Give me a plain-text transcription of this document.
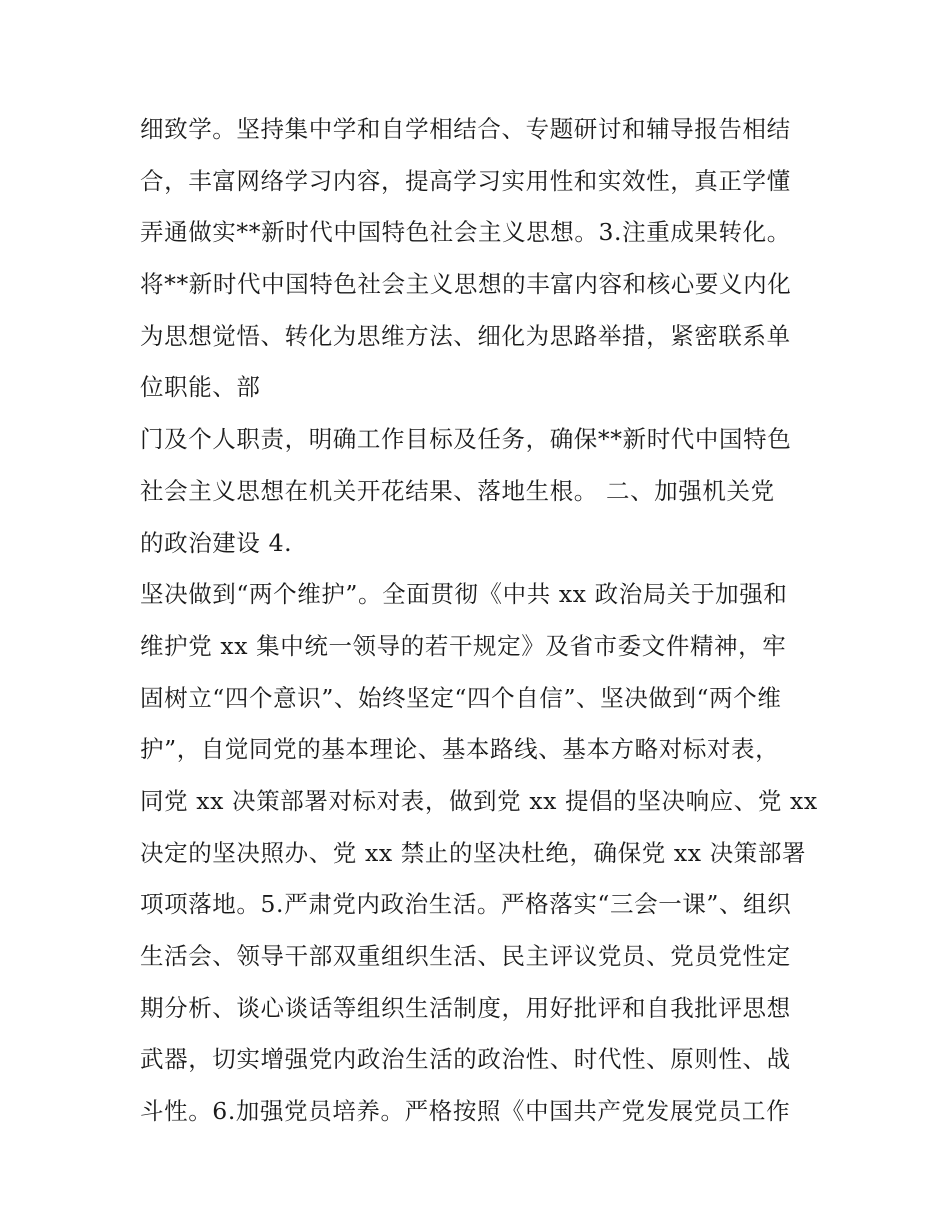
细致学。坚持集中学和自学相结合、专题研讨和辅导报告相结
合，丰富网络学习内容，提高学习实用性和实效性，真正学懂
弄通做实**新时代中国特色社会主义思想。3.注重成果转化。
将**新时代中国特色社会主义思想的丰富内容和核心要义内化
为思想觉悟、转化为思维方法、细化为思路举措，紧密联系单
位职能、部
门及个人职责，明确工作目标及任务，确保**新时代中国特色
社会主义思想在机关开花结果、落地生根。 二、加强机关党
的政治建设 4.
坚决做到“两个维护”。全面贯彻《中共 xx 政治局关于加强和
维护党 xx 集中统一领导的若干规定》及省市委文件精神，牢
固树立“四个意识”、始终坚定“四个自信”、坚决做到“两个维
护”，自觉同党的基本理论、基本路线、基本方略对标对表，
同党 xx 决策部署对标对表，做到党 xx 提倡的坚决响应、党 xx
决定的坚决照办、党 xx 禁止的坚决杜绝，确保党 xx 决策部署
项项落地。5.严肃党内政治生活。严格落实“三会一课”、组织
生活会、领导干部双重组织生活、民主评议党员、党员党性定
期分析、谈心谈话等组织生活制度，用好批评和自我批评思想
武器，切实增强党内政治生活的政治性、时代性、原则性、战
斗性。6.加强党员培养。严格按照《中国共产党发展党员工作
